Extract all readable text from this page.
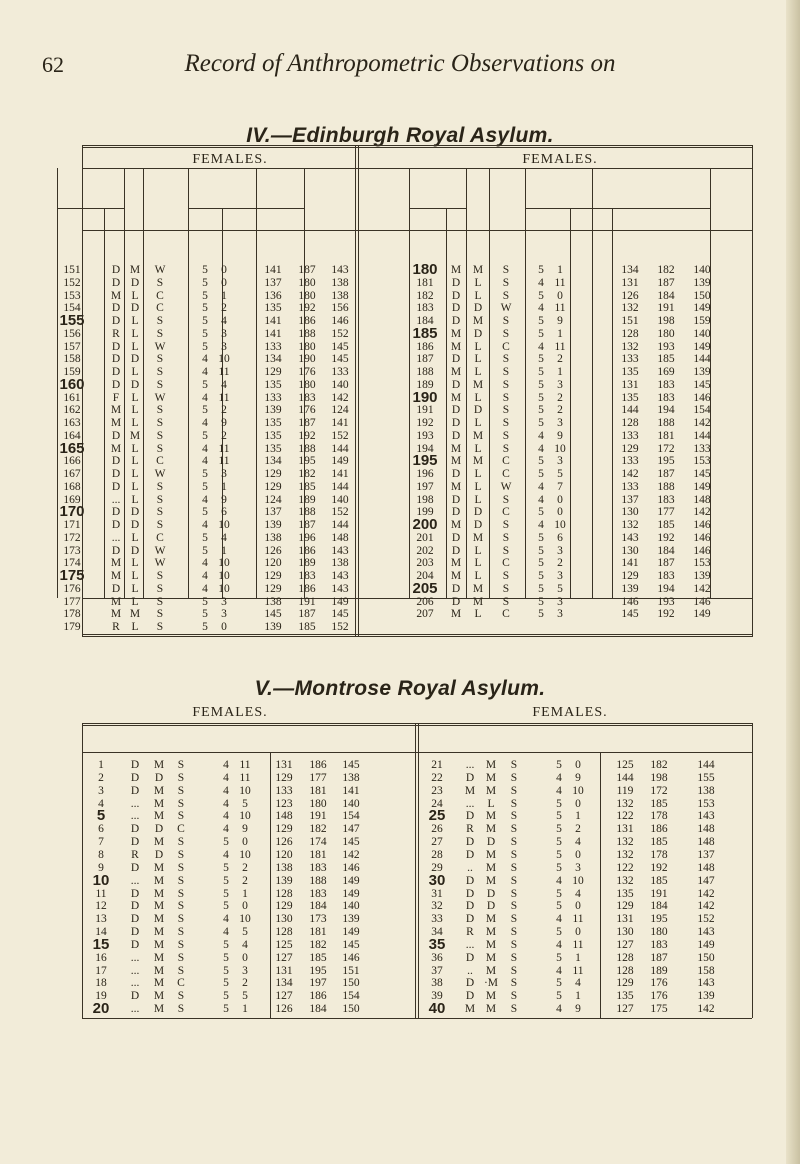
62	Record of Anthropometric Observations on
IV.—Edinburgh Royal Asylum.
FEMALES.	FEMALES.
151	D M	W	5	0	141	187	143
152	D D	S	5	0	137	180	138
153	M L	C	5	1	136	180	138
154	D D	C	5	2	135	192	156
155	D L	S	5	4	141	186	146
156	R	L	S	5	3	141	188	152
157	D L	W	5	3	133	180	145
158	D D	S	4 10	134	190	145
159	D L	S	4 11	129	176	133
160	D D	S	5	4	135	180	140
161	F	L	W	4 11	133	183	142
162	M L	S	5	2	139	176	124
163	M L	S	4	9	135	187	141
164	D M	S	5	2	135	192	152
165	M L	S	4 11	135	188	144
166	D L	C	4 11	134	195	149
167	D L	W	5	3	129	182	141
168	D L	S	5	1	129	185	144
169	... L	S	4	9	124	189	140
170	D D	S	5	6	137	188	152
171	D D	S	4 10	139	187	144
172	... L	C	5	4	138	196	148
173	D D	W	5	1	126	186	143
174	M L	W	4 10	120	189	138
175	M L	S	4 10	129	183	143
176	D L	S	4 10	129	186	143
177	M L	S	5	3	138	191	149
178	M M	S	5	3	145	187	145
179	R	L	S	5	0	139	185	152
180	M	M	S	5	1	134	182	140
181	D	L	S	4 11	131	187	139
182	D	L	S	5	0	126	184	150
183	D	D	W	4 11	132	191	149
184	D	M	S	5	9	151	198	159
185	M	D	S	5	1	128	180	140
186	M	L	C	4 11	132	193	149
187	D	L	S	5	2	133	185	144
188	M	L	S	5	1	135	169	139
189	D	M	S	5	3	131	183	145
190	M	L	S	5	2	135	183	146
191	D	D	S	5	2	144	194	154
192	D	L	S	5	3	128	188	142
193	D	M	S	4	9	133	181	144
194	M	L	S	4 10	129	172	133
195	M	M	C	5	3	133	195	153
196	D	L	C	5	5	142	187	145
197	M	L	W	4	7	133	188	149
198	D	L	S	4	0	137	183	148
199	D	D	C	5	0	130	177	142
200	M	D	S	4 10	132	185	146
201	D	M	S	5	6	143	192	146
202	D	L	S	5	3	130	184	146
203	M	L	C	5	2	141	187	153
204	M	L	S	5	3	129	183	139
205	D	M	S	5	5	139	194	142
206	D	M	S	5	3	146	193	146
207	M	L	C	5	3	145	192	149
V.—Montrose Royal Asylum.
FEMALES.	FEMALES.
1	D	M	S	4 11	131	186	145
2	D	D	S	4 11	129	177	138
3	D	M	S	4 10	133	181	141
4	...	M	S	4	5	123	180	140
5	...	M	S	4 10	148	191	154
6	D	D	C	4	9	129	182	147
7	D	M	S	5	0	126	174	145
8	R	D	S	4 10	120	181	142
9	D	M	S	5	2	138	183	146
10	...	M	S	5	2	139	188	149
11	D	M	S	5	1	128	183	149
12	D	M	S	5	0	129	184	140
13	D	M	S	4 10	130	173	139
14	D	M	S	4	5	128	181	149
15	D	M	S	5	4	125	182	145
16	...	M	S	5	0	127	185	146
17	...	M	S	5	3	131	195	151
18	...	M	C	5	2	134	197	150
19	D	M	S	5	5	127	186	154
20	...	M	S	5	1	126	184	150
21	...	M	S	5	0	125	182	144
22	D	M	S	4	9	144	198	155
23	M M	S	4 10	119	172	138
24	...	L	S	5	0	132	185	153
25	D	M	S	5	1	122	178	143
26	R	M	S	5	2	131	186	148
27	D	D	S	5	4	132	185	148
28	D	M	S	5	0	132	178	137
29	..	M	S	5	3	122	192	148
30	D	M	S	4 10	132	185	147
31	D	D	S	5	4	135	191	142
32	D	D	S	5	0	129	184	142
33	D	M	S	4 11	131	195	152
34	R	M	S	5	0	130	180	143
35	...	M	S	4 11	127	183	149
36	D	M	S	5	1	128	187	150
37	..	M	S	4 11	128	189	158
38	D ·M	S	5	4	129	176	143
39	D	M	S	5	1	135	176	139
40	M M	S	4	9	127	175	142
